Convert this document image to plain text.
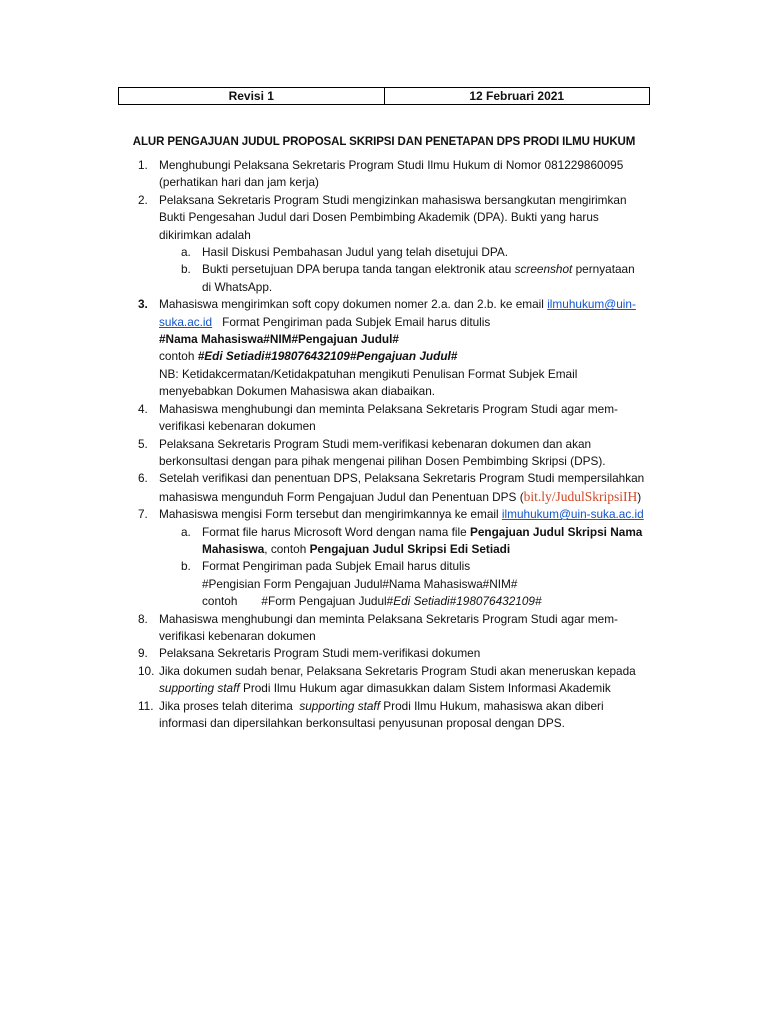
Revisi 1	12 Februari 2021
ALUR PENGAJUAN JUDUL PROPOSAL SKRIPSI DAN PENETAPAN DPS PRODI ILMU HUKUM
1. Menghubungi Pelaksana Sekretaris Program Studi Ilmu Hukum di Nomor 081229860095
(perhatikan hari dan jam kerja)
2. Pelaksana Sekretaris Program Studi mengizinkan mahasiswa bersangkutan mengirimkan
Bukti Pengesahan Judul dari Dosen Pembimbing Akademik (DPA). Bukti yang harus
dikirimkan adalah
a. Hasil Diskusi Pembahasan Judul yang telah disetujui DPA.
b. Bukti persetujuan DPA berupa tanda tangan elektronik atau screenshot pernyataan
di WhatsApp.
3. Mahasiswa mengirimkan soft copy dokumen nomer 2.a. dan 2.b. ke email ilmuhukum@uin-
suka.ac.id Format Pengiriman pada Subjek Email harus ditulis
#Nama Mahasiswa#NIM#Pengajuan Judul#
contoh #Edi Setiadi#198076432109#Pengajuan Judul#
NB: Ketidakcermatan/Ketidakpatuhan mengikuti Penulisan Format Subjek Email
menyebabkan Dokumen Mahasiswa akan diabaikan.
4. Mahasiswa menghubungi dan meminta Pelaksana Sekretaris Program Studi agar mem-
verifikasi kebenaran dokumen
5. Pelaksana Sekretaris Program Studi mem-verifikasi kebenaran dokumen dan akan
berkonsultasi dengan para pihak mengenai pilihan Dosen Pembimbing Skripsi (DPS).
6. Setelah verifikasi dan penentuan DPS, Pelaksana Sekretaris Program Studi mempersilahkan
mahasiswa mengunduh Form Pengajuan Judul dan Penentuan DPS (bit.ly/JudulSkripsiIH)
7. Mahasiswa mengisi Form tersebut dan mengirimkannya ke email ilmuhukum@uin-suka.ac.id
a. Format file harus Microsoft Word dengan nama file Pengajuan Judul Skripsi Nama
Mahasiswa, contoh Pengajuan Judul Skripsi Edi Setiadi
b. Format Pengiriman pada Subjek Email harus ditulis
#Pengisian Form Pengajuan Judul#Nama Mahasiswa#NIM#
contoh #Form Pengajuan Judul#Edi Setiadi#198076432109#
8. Mahasiswa menghubungi dan meminta Pelaksana Sekretaris Program Studi agar mem-
verifikasi kebenaran dokumen
9. Pelaksana Sekretaris Program Studi mem-verifikasi dokumen
10. Jika dokumen sudah benar, Pelaksana Sekretaris Program Studi akan meneruskan kepada
supporting staff Prodi Ilmu Hukum agar dimasukkan dalam Sistem Informasi Akademik
11. Jika proses telah diterima  supporting staff Prodi Ilmu Hukum, mahasiswa akan diberi
informasi dan dipersilahkan berkonsultasi penyusunan proposal dengan DPS.
